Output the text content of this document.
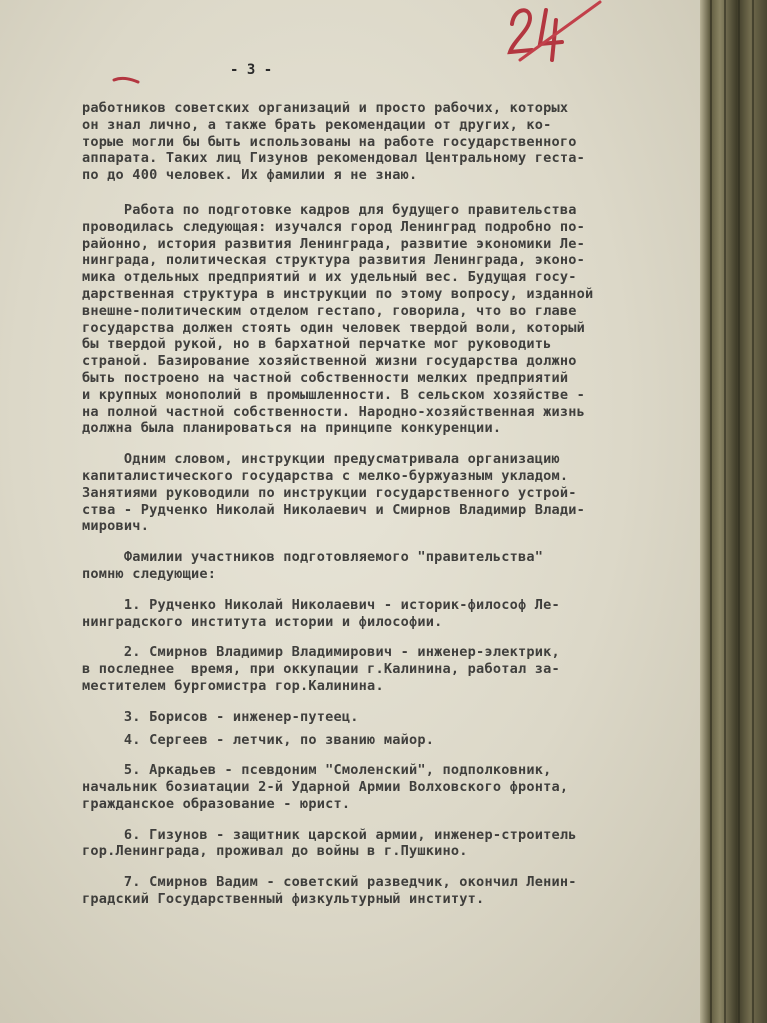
- 3 -

работников советских организаций и просто рабочих, которых
он знал лично, а также брать рекомендации от других, ко-
торые могли бы быть использованы на работе государственного
аппарата. Таких лиц Гизунов рекомендовал Центральному геста-
по до 400 человек. Их фамилии я не знаю.

Работа по подготовке кадров для будущего правительства
проводилась следующая: изучался город Ленинград подробно по-
районно, история развития Ленинграда, развитие экономики Ле-
нинграда, политическая структура развития Ленинграда, эконо-
мика отдельных предприятий и их удельный вес. Будущая госу-
дарственная структура в инструкции по этому вопросу, изданной
внешне-политическим отделом гестапо, говорила, что во главе
государства должен стоять один человек твердой воли, который
бы твердой рукой, но в бархатной перчатке мог руководить
страной. Базирование хозяйственной жизни государства должно
быть построено на частной собственности мелких предприятий
и крупных монополий в промышленности. В сельском хозяйстве -
на полной частной собственности. Народно-хозяйственная жизнь
должна была планироваться на принципе конкуренции.

Одним словом, инструкции предусматривала организацию
капиталистического государства с мелко-буржуазным укладом.
Занятиями руководили по инструкции государственного устрой-
ства - Рудченко Николай Николаевич и Смирнов Владимир Влади-
мирович.

Фамилии участников подготовляемого "правительства"
помню следующие:

1. Рудченко Николай Николаевич - историк-философ Ле-
нинградского института истории и философии.

2. Смирнов Владимир Владимирович - инженер-электрик,
в последнее  время, при оккупации г.Калинина, работал за-
местителем бургомистра гор.Калинина.

3. Борисов - инженер-путеец.

4. Сергеев - летчик, по званию майор.

5. Аркадьев - псевдоним "Смоленский", подполковник,
начальник бозиатации 2-й Ударной Армии Волховского фронта,
гражданское образование - юрист.

6. Гизунов - защитник царской армии, инженер-строитель
гор.Ленинграда, проживал до войны в г.Пушкино.

7. Смирнов Вадим - советский разведчик, окончил Ленин-
градский Государственный физкультурный институт.
